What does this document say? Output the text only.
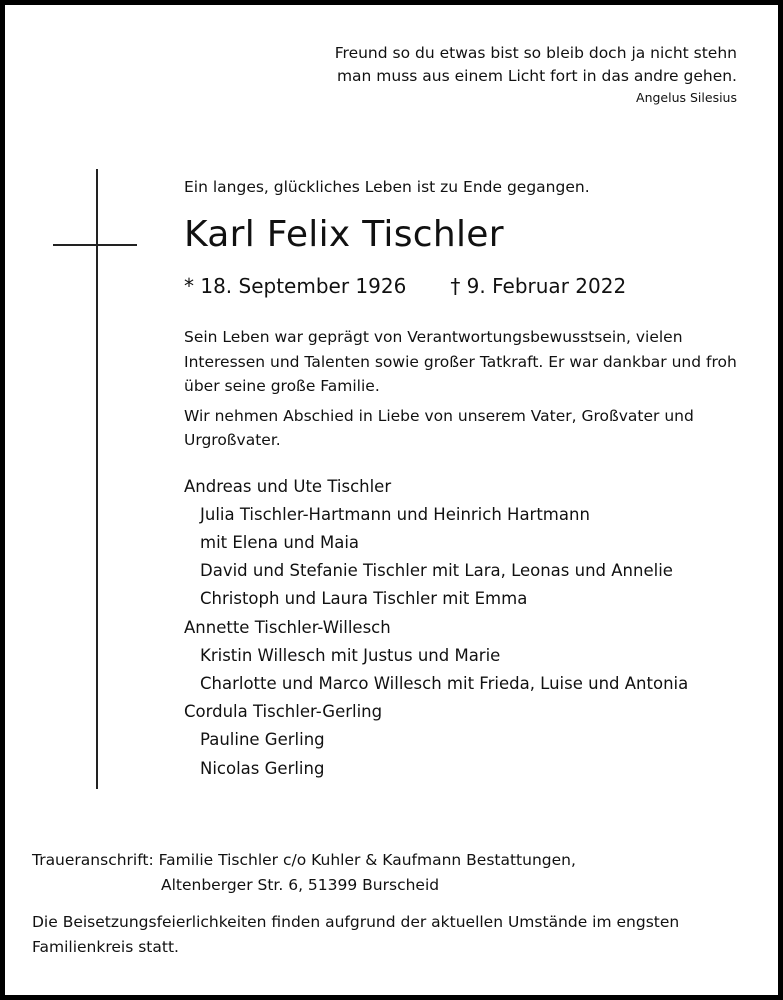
Freund so du etwas bist so bleib doch ja nicht stehn
man muss aus einem Licht fort in das andre gehen.
Angelus Silesius

Ein langes, glückliches Leben ist zu Ende gegangen.

Karl Felix Tischler
* 18. September 1926 † 9. Februar 2022

Sein Leben war geprägt von Verantwortungsbewusstsein, vielen Interessen und Talenten sowie großer Tatkraft. Er war dankbar und froh über seine große Familie.

Wir nehmen Abschied in Liebe von unserem Vater, Großvater und Urgroßvater.

Andreas und Ute Tischler
Julia Tischler-Hartmann und Heinrich Hartmann
mit Elena und Maia
David und Stefanie Tischler mit Lara, Leonas und Annelie
Christoph und Laura Tischler mit Emma
Annette Tischler-Willesch
Kristin Willesch mit Justus und Marie
Charlotte und Marco Willesch mit Frieda, Luise und Antonia
Cordula Tischler-Gerling
Pauline Gerling
Nicolas Gerling
Traueranschrift: Familie Tischler c/o Kuhler & Kaufmann Bestattungen,
Altenberger Str. 6, 51399 Burscheid
Die Beisetzungsfeierlichkeiten finden aufgrund der aktuellen Umstände im engsten Familienkreis statt.
